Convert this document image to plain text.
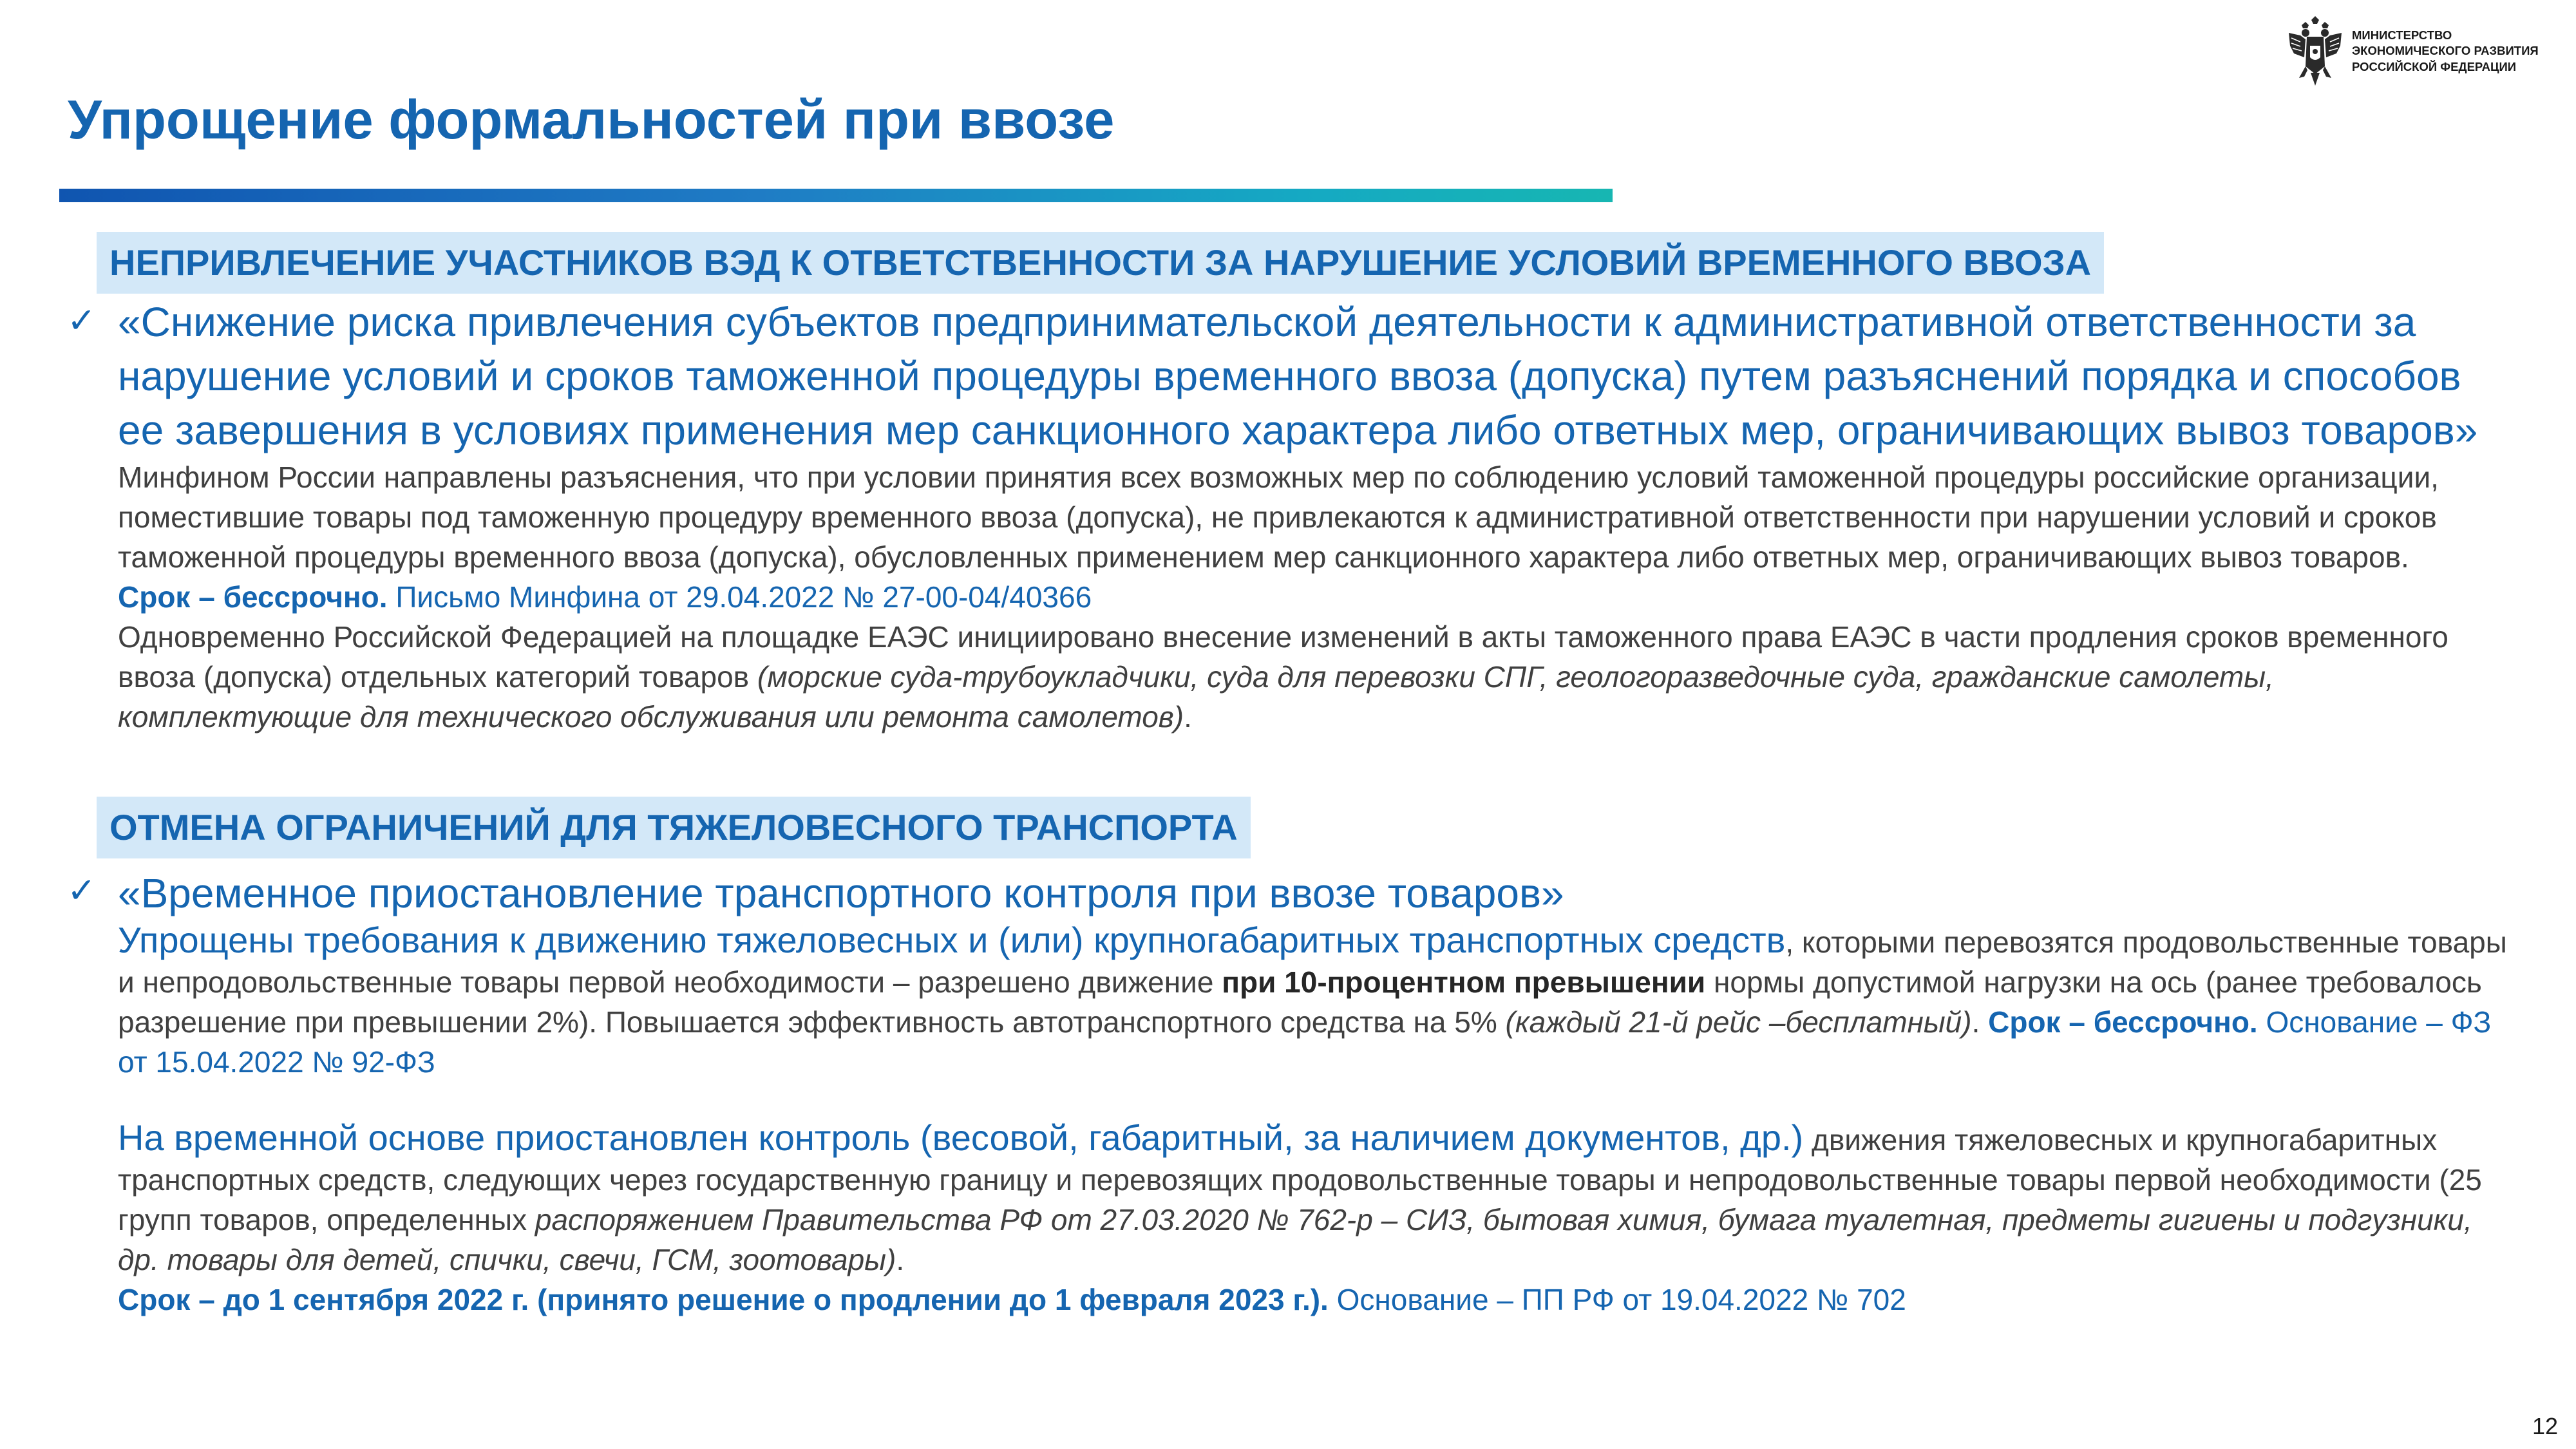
Упрощение формальностей при ввозе
МИНИСТЕРСТВО
ЭКОНОМИЧЕСКОГО РАЗВИТИЯ
РОССИЙСКОЙ ФЕДЕРАЦИИ
НЕПРИВЛЕЧЕНИЕ УЧАСТНИКОВ ВЭД К ОТВЕТСТВЕННОСТИ ЗА НАРУШЕНИЕ УСЛОВИЙ ВРЕМЕННОГО ВВОЗА
✓ «Снижение риска привлечения субъектов предпринимательской деятельности к административной ответственности за нарушение условий и сроков таможенной процедуры временного ввоза (допуска) путем разъяснений порядка и способов ее завершения в условиях применения мер санкционного характера либо ответных мер, ограничивающих вывоз товаров» Минфином России направлены разъяснения, что при условии принятия всех возможных мер по соблюдению условий таможенной процедуры российские организации, поместившие товары под таможенную процедуру временного ввоза (допуска), не привлекаются к административной ответственности при нарушении условий и сроков таможенной процедуры временного ввоза (допуска), обусловленных применением мер санкционного характера либо ответных мер, ограничивающих вывоз товаров.

Срок – бессрочно. Письмо Минфина от 29.04.2022 № 27-00-04/40366

Одновременно Российской Федерацией на площадке ЕАЭС инициировано внесение изменений в акты таможенного права ЕАЭС в части продления сроков временного ввоза (допуска) отдельных категорий товаров (морские суда-трубоукладчики, суда для перевозки СПГ, геологоразведочные суда, гражданские самолеты, комплектующие для технического обслуживания или ремонта самолетов).

ОТМЕНА ОГРАНИЧЕНИЙ ДЛЯ ТЯЖЕЛОВЕСНОГО ТРАНСПОРТА
✓ «Временное приостановление транспортного контроля при ввозе товаров»

Упрощены требования к движению тяжеловесных и (или) крупногабаритных транспортных средств, которыми перевозятся продовольственные товары и непродовольственные товары первой необходимости – разрешено движение при 10-процентном превышении нормы допустимой нагрузки на ось (ранее требовалось разрешение при превышении 2%). Повышается эффективность автотранспортного средства на 5% (каждый 21-й рейс –бесплатный). Срок – бессрочно. Основание – ФЗ от 15.04.2022 № 92-ФЗ

На временной основе приостановлен контроль (весовой, габаритный, за наличием документов, др.) движения тяжеловесных и крупногабаритных транспортных средств, следующих через государственную границу и перевозящих продовольственные товары и непродовольственные товары первой необходимости (25 групп товаров, определенных распоряжением Правительства РФ от 27.03.2020 № 762-р – СИЗ, бытовая химия, бумага туалетная, предметы гигиены и подгузники, др. товары для детей, спички, свечи, ГСМ, зоотовары).

Срок – до 1 сентября 2022 г. (принято решение о продлении до 1 февраля 2023 г.). Основание – ПП РФ от 19.04.2022 № 702

12
